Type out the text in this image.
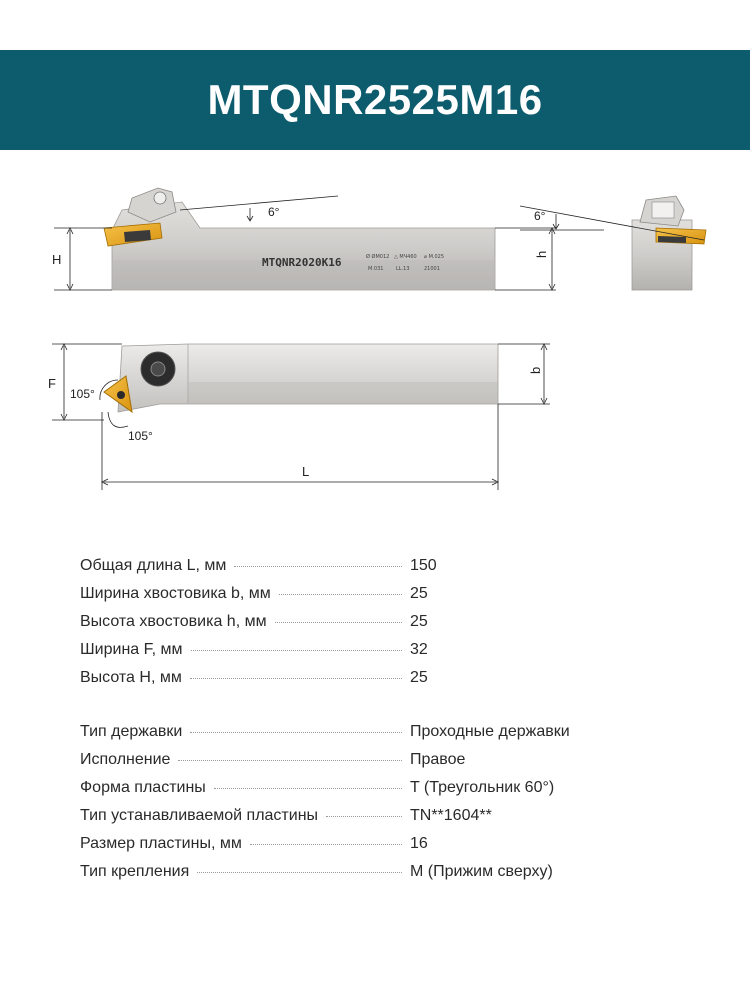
MTQNR2525M16
MTQNR2020K16	Ø ØМ012 △ МЧ460 ⌀ М.025
М.031	LL.13	21001
6°
H	h
6°
F
105°
105°
b
L
Общая длина L, мм	150
Ширина хвостовика b, мм	25
Высота хвостовика h, мм	25
Ширина F, мм	32
Высота H, мм	25
Тип державки	Проходные державки
Исполнение	Правое
Форма пластины	T (Треугольник 60°)
Тип устанавливаемой пластины	TN**1604**
Размер пластины, мм	16
Тип крепления	M (Прижим сверху)
